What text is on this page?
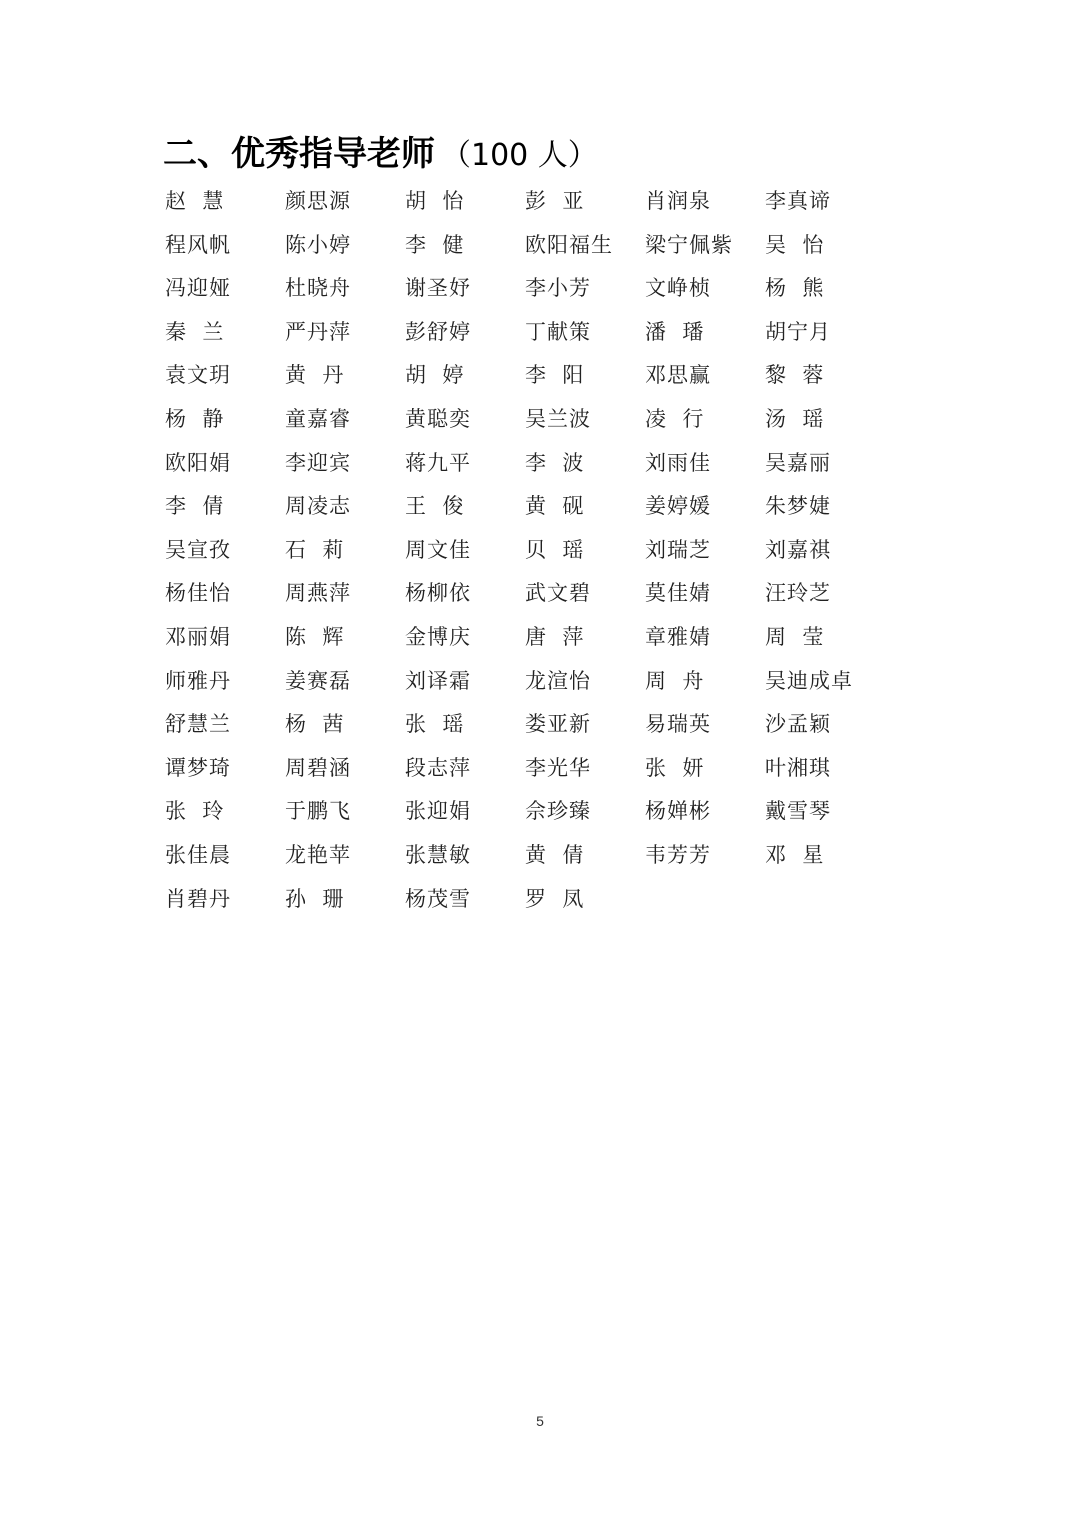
二、优秀指导老师 （100 人）
赵  慧	颜思源	胡  怡	彭  亚	肖润泉	李真谛
程风帆	陈小婷	李  健	欧阳福生	梁宁佩紫	吴  怡
冯迎娅	杜晓舟	谢圣妤	李小芳	文峥桢	杨  熊
秦  兰	严丹萍	彭舒婷	丁献策	潘  璠	胡宁月
袁文玥	黄  丹	胡  婷	李  阳	邓思赢	黎  蓉
杨  静	童嘉睿	黄聪奕	吴兰波	凌  行	汤  瑶
欧阳娟	李迎宾	蒋九平	李  波	刘雨佳	吴嘉丽
李  倩	周凌志	王  俊	黄  砚	姜婷媛	朱梦婕
吴宣孜	石  莉	周文佳	贝  瑶	刘瑞芝	刘嘉祺
杨佳怡	周燕萍	杨柳依	武文碧	莫佳婧	汪玲芝
邓丽娟	陈  辉	金博庆	唐  萍	章雅婧	周  莹
师雅丹	姜赛磊	刘译霜	龙渲怡	周  舟	吴迪成卓
舒慧兰	杨  茜	张  瑶	娄亚新	易瑞英	沙孟颖
谭梦琦	周碧涵	段志萍	李光华	张  妍	叶湘琪
张  玲	于鹏飞	张迎娟	佘珍臻	杨婵彬	戴雪琴
张佳晨	龙艳苹	张慧敏	黄  倩	韦芳芳	邓  星
肖碧丹	孙  珊	杨茂雪	罗  凤
5
